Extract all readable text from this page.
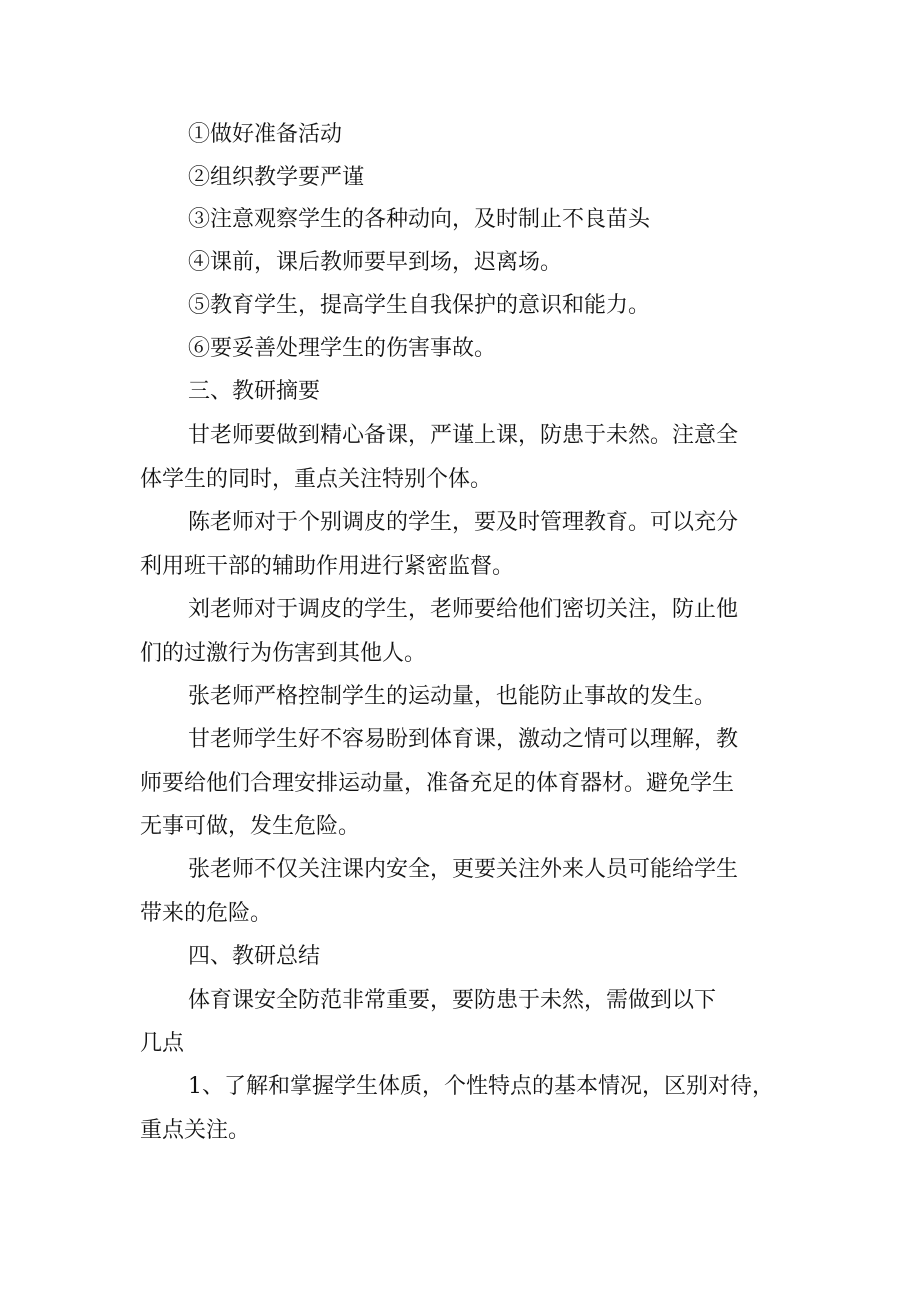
①做好准备活动
②组织教学要严谨
③注意观察学生的各种动向，及时制止不良苗头
④课前，课后教师要早到场，迟离场。
⑤教育学生，提高学生自我保护的意识和能力。
⑥要妥善处理学生的伤害事故。
三、教研摘要
甘老师要做到精心备课，严谨上课，防患于未然。注意全
体学生的同时，重点关注特别个体。
陈老师对于个别调皮的学生，要及时管理教育。可以充分
利用班干部的辅助作用进行紧密监督。
刘老师对于调皮的学生，老师要给他们密切关注，防止他
们的过激行为伤害到其他人。
张老师严格控制学生的运动量，也能防止事故的发生。
甘老师学生好不容易盼到体育课，激动之情可以理解，教
师要给他们合理安排运动量，准备充足的体育器材。避免学生
无事可做，发生危险。
张老师不仅关注课内安全，更要关注外来人员可能给学生
带来的危险。
四、教研总结
体育课安全防范非常重要，要防患于未然，需做到以下
几点
1、了解和掌握学生体质，个性特点的基本情况，区别对待，
重点关注。
